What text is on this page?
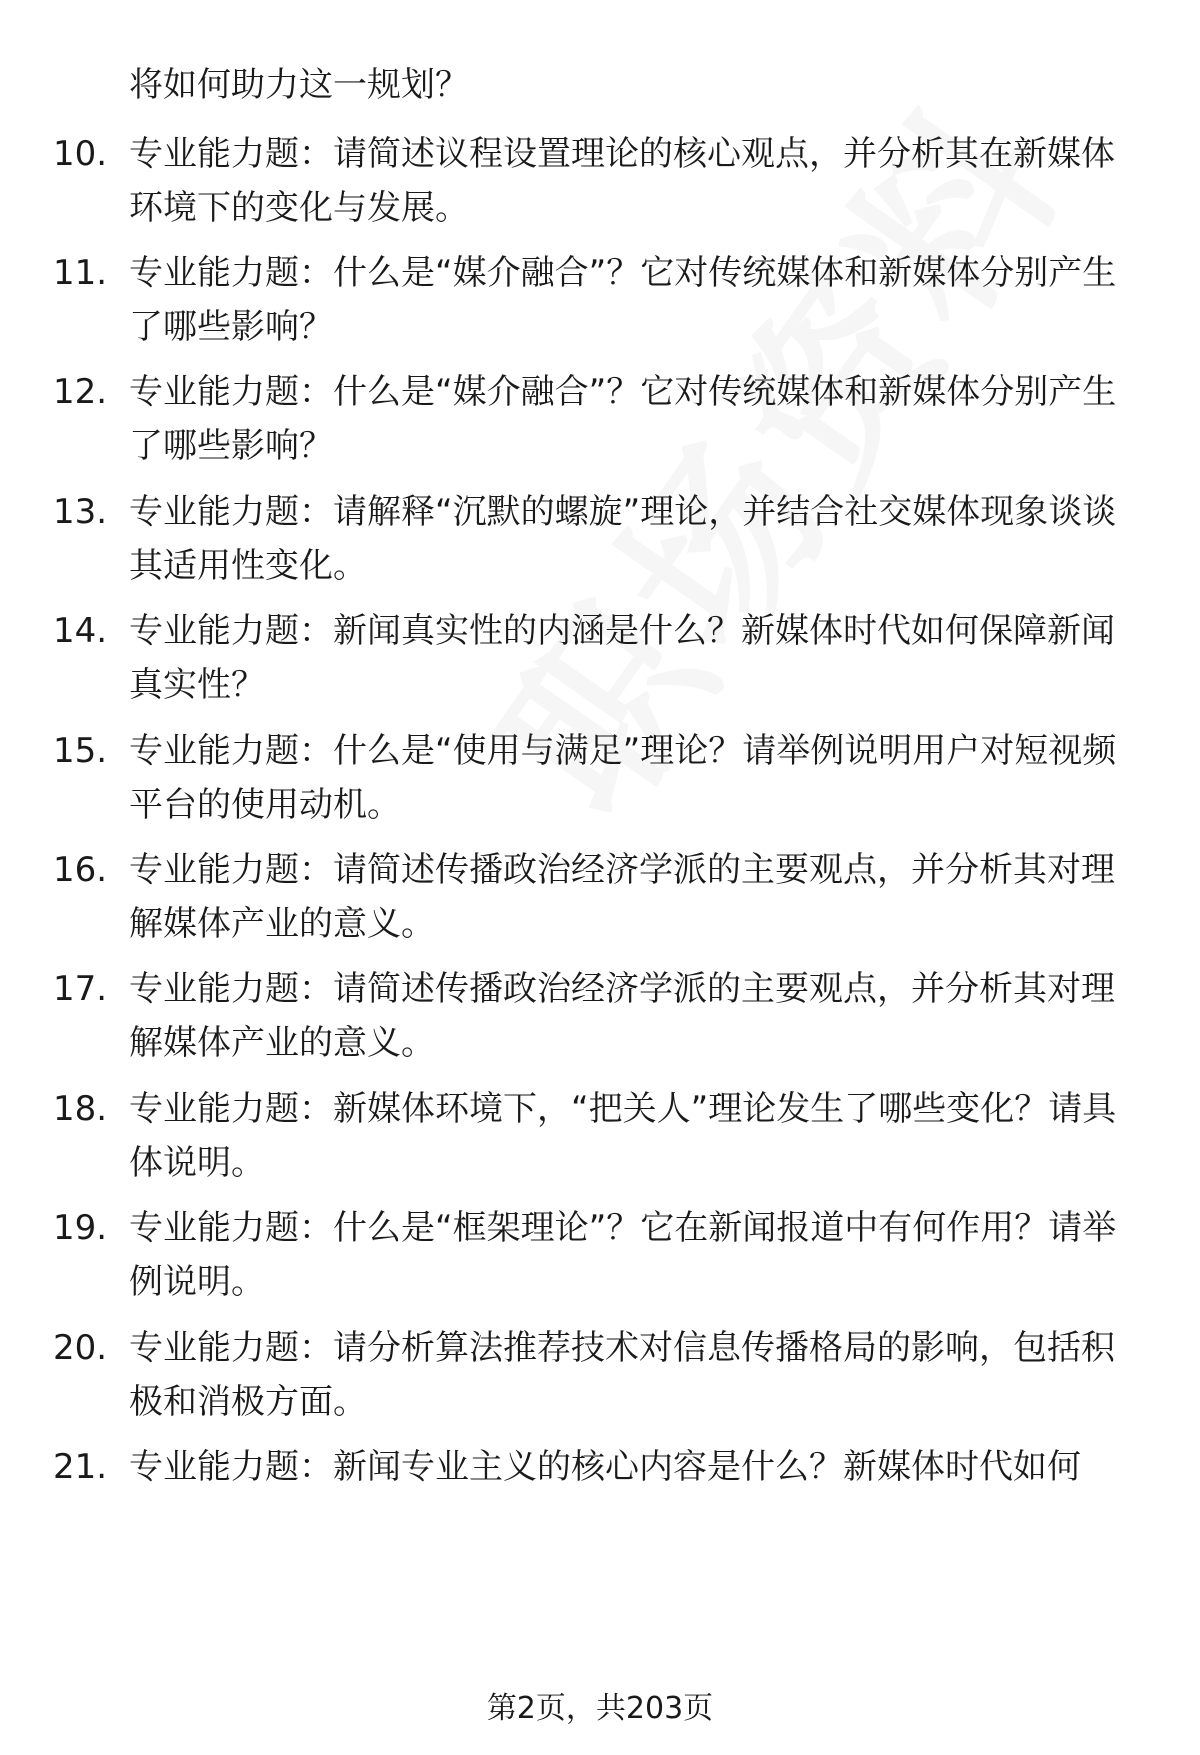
将如何助力这一规划？
10. 专业能力题：请简述议程设置理论的核心观点，并分析其在新媒体环境下的变化与发展。
11. 专业能力题：什么是“媒介融合”？它对传统媒体和新媒体分别产生了哪些影响？
12. 专业能力题：什么是“媒介融合”？它对传统媒体和新媒体分别产生了哪些影响？
13. 专业能力题：请解释“沉默的螺旋”理论，并结合社交媒体现象谈谈其适用性变化。
14. 专业能力题：新闻真实性的内涵是什么？新媒体时代如何保障新闻真实性？
15. 专业能力题：什么是“使用与满足”理论？请举例说明用户对短视频平台的使用动机。
16. 专业能力题：请简述传播政治经济学派的主要观点，并分析其对理解媒体产业的意义。
17. 专业能力题：请简述传播政治经济学派的主要观点，并分析其对理解媒体产业的意义。
18. 专业能力题：新媒体环境下，“把关人”理论发生了哪些变化？请具体说明。
19. 专业能力题：什么是“框架理论”？它在新闻报道中有何作用？请举例说明。
20. 专业能力题：请分析算法推荐技术对信息传播格局的影响，包括积极和消极方面。
21. 专业能力题：新闻专业主义的核心内容是什么？新媒体时代如何
第2页，共203页
